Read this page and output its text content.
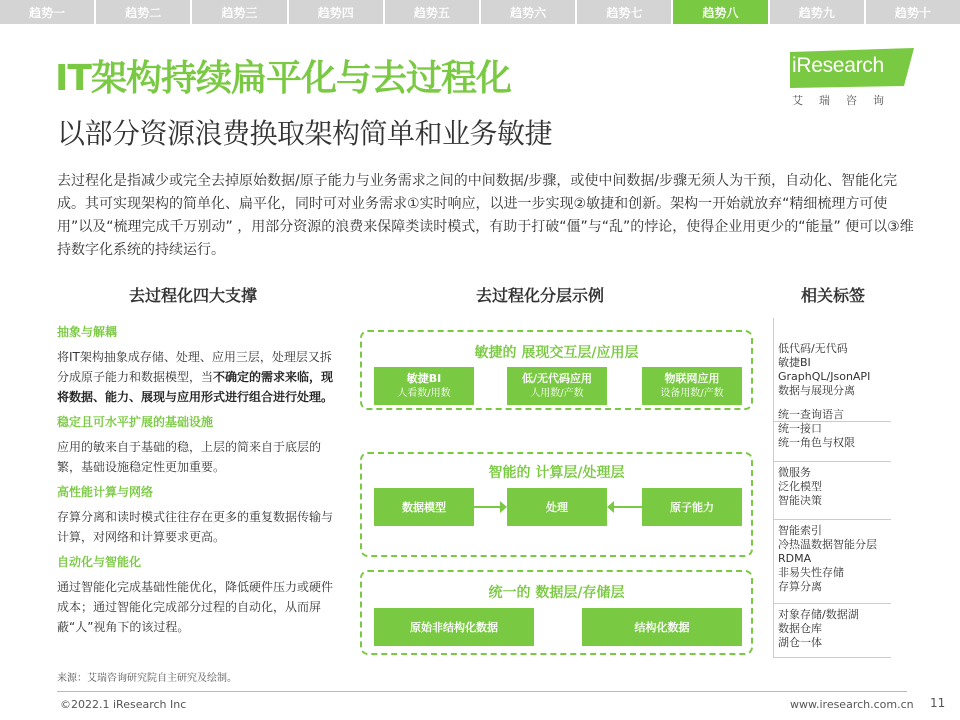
趋势一	趋势二	趋势三	趋势四	趋势五	趋势六	趋势七	趋势八	趋势九	趋势十
iResearch
艾瑞咨询
IT架构持续扁平化与去过程化
以部分资源浪费换取架构简单和业务敏捷
去过程化是指减少或完全去掉原始数据/原子能力与业务需求之间的中间数据/步骤，或使中间数据/步骤无须人为干预，自动化、智能化完成。其可实现架构的简单化、扁平化，同时可对业务需求①实时响应，以进一步实现②敏捷和创新。架构一开始就放弃“精细梳理方可使用”以及“梳理完成千万别动” ，用部分资源的浪费来保障类读时模式，有助于打破“僵”与“乱”的悖论，使得企业用更少的“能量” 便可以③维持数字化系统的持续运行。
去过程化四大支撑	去过程化分层示例	相关标签
抽象与解耦
将IT架构抽象成存储、处理、应用三层，处理层又拆分成原子能力和数据模型，当不确定的需求来临，现将数据、能力、展现与应用形式进行组合进行处理。
稳定且可水平扩展的基础设施
应用的敏来自于基础的稳，上层的简来自于底层的繁，基础设施稳定性更加重要。
高性能计算与网络
存算分离和读时模式往往存在更多的重复数据传输与计算，对网络和计算要求更高。
自动化与智能化
通过智能化完成基础性能优化，降低硬件压力或硬件成本；通过智能化完成部分过程的自动化，从而屏蔽“人”视角下的该过程。
敏捷的 展现交互层/应用层
敏捷BI
人看数/用数
低/无代码应用
人用数/产数
物联网应用
设备用数/产数
智能的 计算层/处理层
数据模型	处理	原子能力
统一的 数据层/存储层
原始非结构化数据	结构化数据
低代码/无代码
敏捷BI
GraphQL/JsonAPI
数据与展现分离
统一查询语言
统一接口
统一角色与权限
微服务
泛化模型
智能决策
智能索引
冷热温数据智能分层
RDMA
非易失性存储
存算分离
对象存储/数据湖
数据仓库
湖仓一体
来源：艾瑞咨询研究院自主研究及绘制。
©2022.1 iResearch Inc	www.iresearch.com.cn 11
